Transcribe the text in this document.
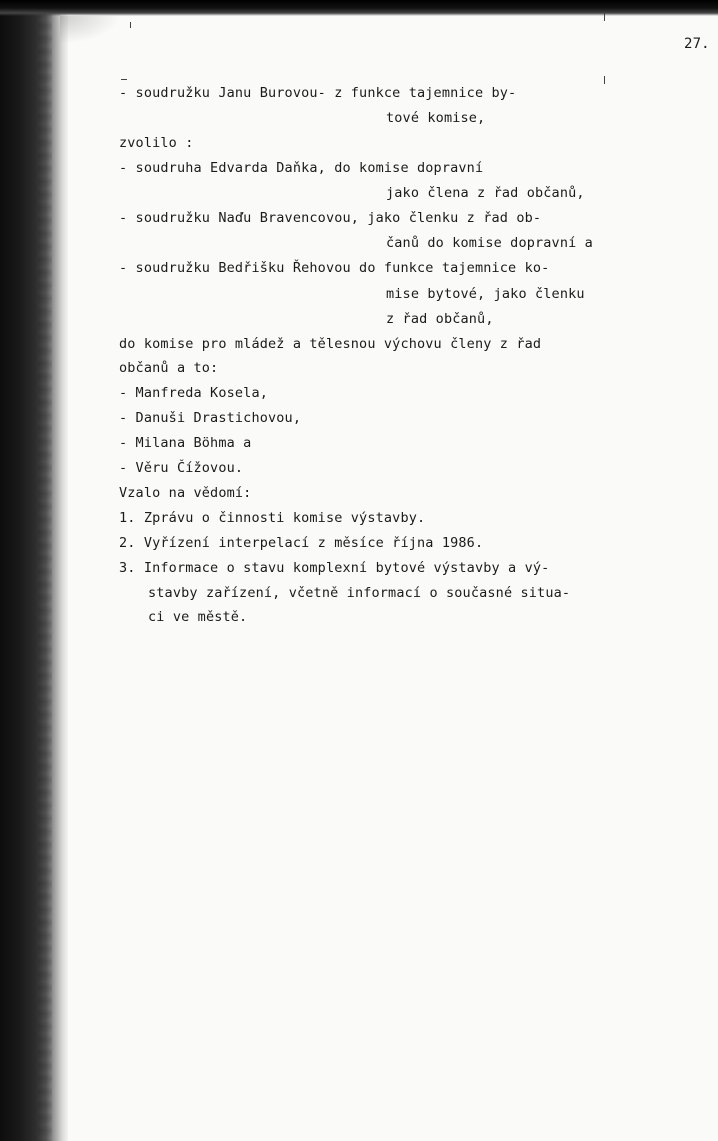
27.
- soudružku Janu Burovou- z funkce tajemnice by-
tové komise,
zvolilo :
- soudruha Edvarda Daňka, do komise dopravní
jako člena z řad občanů,
- soudružku Naďu Bravencovou, jako členku z řad ob-
čanů do komise dopravní a
- soudružku Bedřišku Řehovou do funkce tajemnice ko-
mise bytové, jako členku
z řad občanů,
do komise pro mládež a tělesnou výchovu členy z řad
občanů a to:
- Manfreda Kosela,
- Danuši Drastichovou,
- Milana Böhma a
- Věru Čížovou.
Vzalo na vědomí:
1. Zprávu o činnosti komise výstavby.
2. Vyřízení interpelací z měsíce října 1986.
3. Informace o stavu komplexní bytové výstavby a vý-
stavby zařízení, včetně informací o současné situa-
ci ve městě.
